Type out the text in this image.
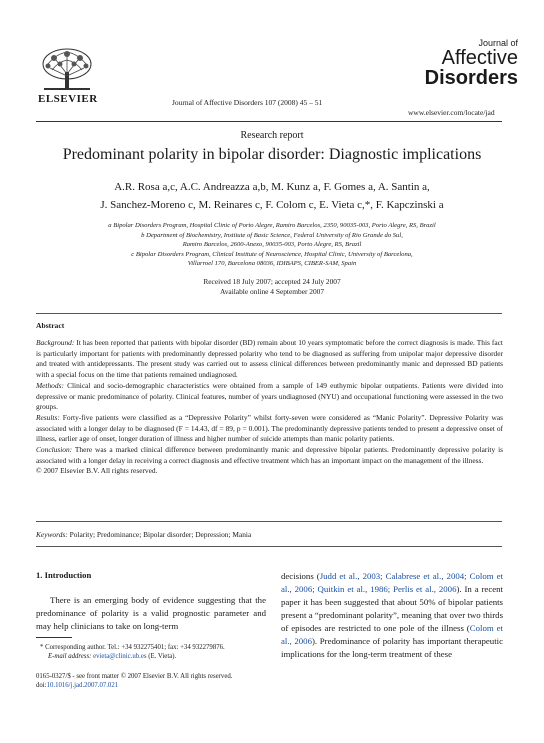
ELSEVIER	Journal of Affective Disorders 107 (2008) 45 – 51
Journal of
Affective
Disorders
www.elsevier.com/locate/jad
Research report
Predominant polarity in bipolar disorder: Diagnostic implications
A.R. Rosa a,c, A.C. Andreazza a,b, M. Kunz a, F. Gomes a, A. Santin a,
J. Sanchez-Moreno c, M. Reinares c, F. Colom c, E. Vieta c,*, F. Kapczinski a
a Bipolar Disorders Program, Hospital Clinic of Porto Alegre, Ramiro Barcelos, 2350, 90035-003, Porto Alegre, RS, Brazil
b Department of Biochemistry, Institute of Basic Science, Federal University of Rio Grande do Sul,
Ramiro Barcelos, 2600-Anexo, 90035-003, Porto Alegre, RS, Brazil
c Bipolar Disorders Program, Clinical Institute of Neuroscience, Hospital Clinic, University of Barcelona,
Villarroel 170, Barcelona 08036, IDIBAPS, CIBER-SAM, Spain
Received 18 July 2007; accepted 24 July 2007
Available online 4 September 2007
Abstract

Background: It has been reported that patients with bipolar disorder (BD) remain about 10 years symptomatic before the correct diagnosis is made. This fact is particularly important for patients with predominantly depressed polarity who tend to be diagnosed as suffering from unipolar major depressive disorder and treated with antidepressants. The present study was carried out to assess clinical differences between predominantly manic and depressed BD patients with a special focus on the time that patients remained undiagnosed.

Methods: Clinical and socio-demographic characteristics were obtained from a sample of 149 euthymic bipolar outpatients. Patients were divided into depressive or manic predominance of polarity. Clinical features, number of years undiagnosed (NYU) and occupational functioning were assessed in the two groups.

Results: Forty-five patients were classified as a “Depressive Polarity” whilst forty-seven were considered as “Manic Polarity”. Depressive Polarity was associated with a longer delay to be diagnosed (F = 14.43, df = 89, p = 0.001). The predominantly depressive patients tended to present a depressive onset of illness, earlier age of onset, longer duration of illness and higher number of suicide attempts than manic polarity patients.

Conclusion: There was a marked clinical difference between predominantly manic and depressive bipolar patients. Predominantly depressive polarity is associated with a longer delay in receiving a correct diagnosis and effective treatment which has an important impact on the management of the illness.

© 2007 Elsevier B.V. All rights reserved.

Keywords: Polarity; Predominance; Bipolar disorder; Depression; Mania
1. Introduction
There is an emerging body of evidence suggesting that the predominance of polarity is a valid prognostic parameter and may help clinicians to take on long-term
decisions (Judd et al., 2003; Calabrese et al., 2004; Colom et al., 2006; Quitkin et al., 1986; Perlis et al., 2006). In a recent paper it has been suggested that about 50% of bipolar patients present a “predominant polarity”, meaning that over two thirds of episodes are restricted to one pole of the illness (Colom et al., 2006). Predominance of polarity has important therapeutic implications for the long-term treatment of these
* Corresponding author. Tel.: +34 932275401; fax: +34 932279876.
E-mail address: evieta@clinic.ub.es (E. Vieta).
0165-0327/$ - see front matter © 2007 Elsevier B.V. All rights reserved.
doi:10.1016/j.jad.2007.07.021
